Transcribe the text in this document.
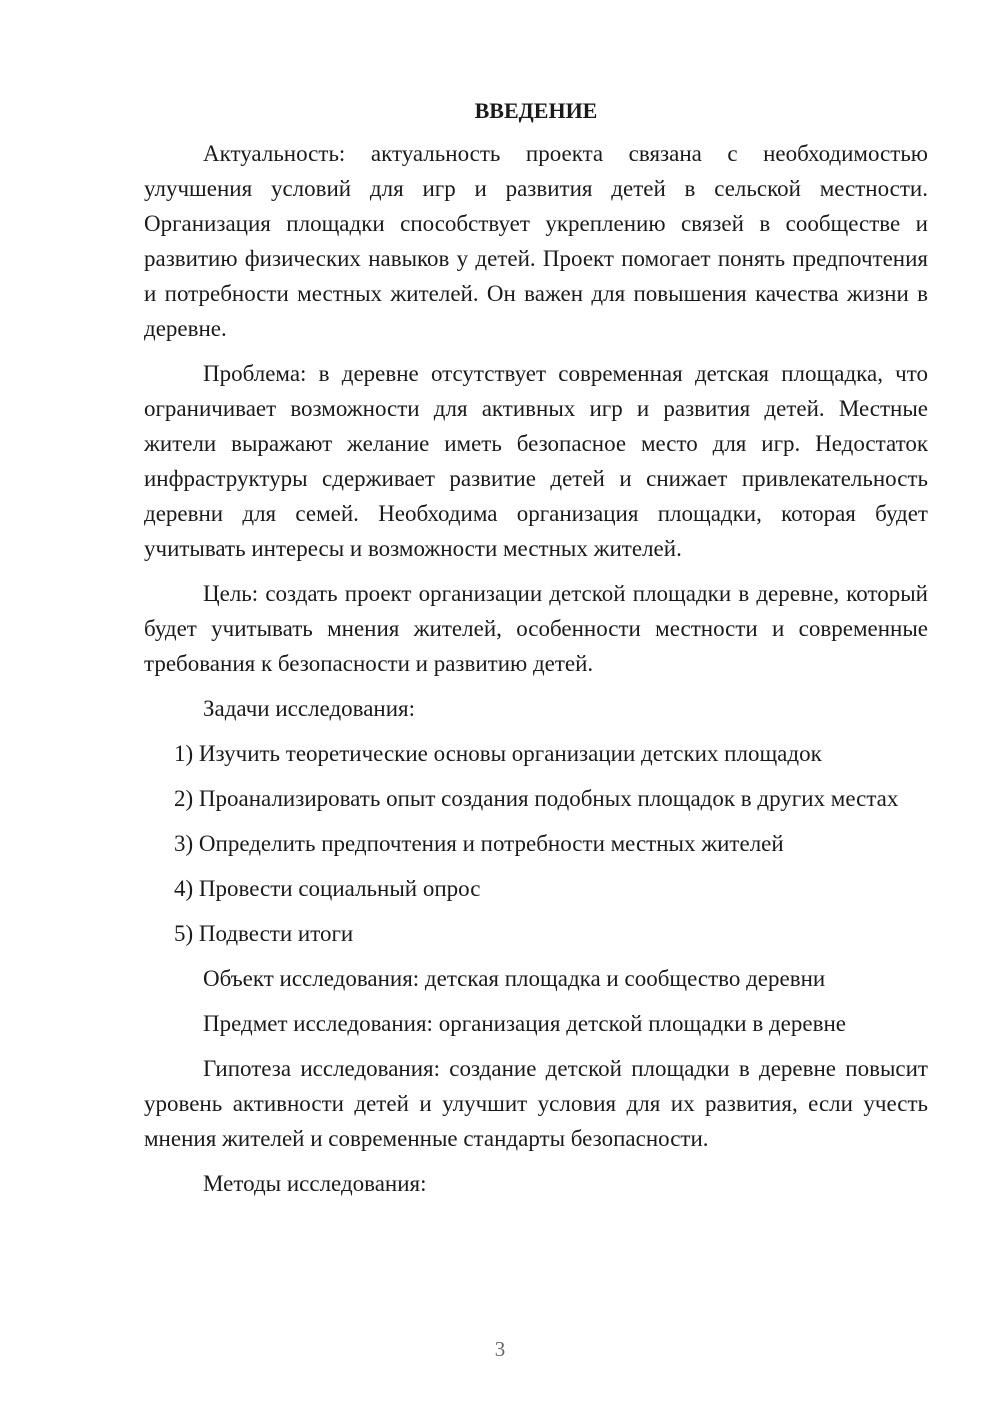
ВВЕДЕНИЕ

Актуальность: актуальность проекта связана с необходимостью улучшения условий для игр и развития детей в сельской местности. Организация площадки способствует укреплению связей в сообществе и развитию физических навыков у детей. Проект помогает понять предпочтения и потребности местных жителей. Он важен для повышения качества жизни в деревне.

Проблема: в деревне отсутствует современная детская площадка, что ограничивает возможности для активных игр и развития детей. Местные жители выражают желание иметь безопасное место для игр. Недостаток инфраструктуры сдерживает развитие детей и снижает привлекательность деревни для семей. Необходима организация площадки, которая будет учитывать интересы и возможности местных жителей.

Цель: создать проект организации детской площадки в деревне, который будет учитывать мнения жителей, особенности местности и современные требования к безопасности и развитию детей.

Задачи исследования:

1) Изучить теоретические основы организации детских площадок

2) Проанализировать опыт создания подобных площадок в других местах

3) Определить предпочтения и потребности местных жителей

4) Провести социальный опрос

5) Подвести итоги

Объект исследования: детская площадка и сообщество деревни

Предмет исследования: организация детской площадки в деревне

Гипотеза исследования: создание детской площадки в деревне повысит уровень активности детей и улучшит условия для их развития, если учесть мнения жителей и современные стандарты безопасности.

Методы исследования:

3
